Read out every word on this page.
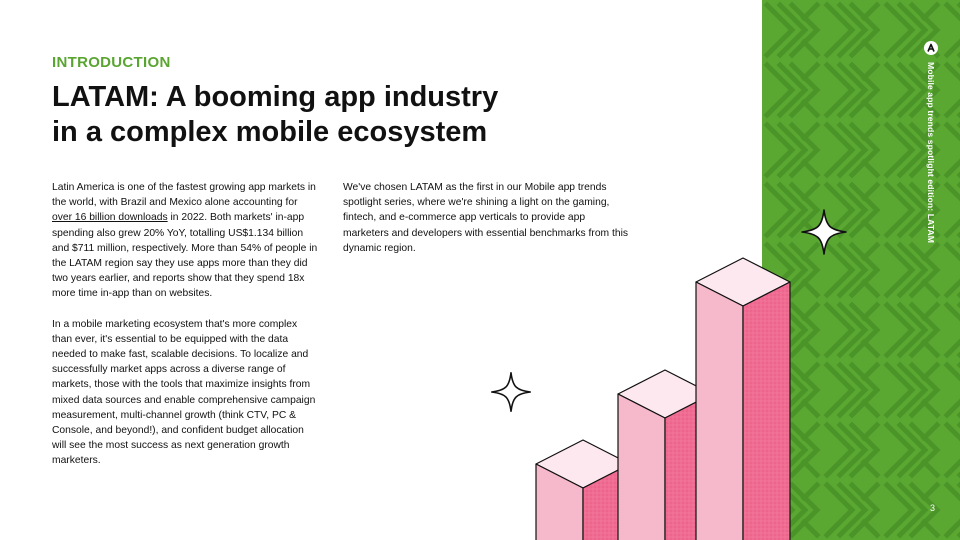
INTRODUCTION
LATAM: A booming app industry
in a complex mobile ecosystem

Latin America is one of the fastest growing app markets in the world, with Brazil and Mexico alone accounting for over 16 billion downloads in 2022. Both markets' in-app spending also grew 20% YoY, totalling US$1.134 billion and $711 million, respectively. More than 54% of people in the LATAM region say they use apps more than they did two years earlier, and reports show that they spend 18x more time in-app than on websites.

In a mobile marketing ecosystem that's more complex than ever, it's essential to be equipped with the data needed to make fast, scalable decisions. To localize and successfully market apps across a diverse range of markets, those with the tools that maximize insights from mixed data sources and enable comprehensive campaign measurement, multi-channel growth (think CTV, PC & Console, and beyond!), and confident budget allocation will see the most success as next generation growth marketers.

We've chosen LATAM as the first in our Mobile app trends spotlight series, where we're shining a light on the gaming, fintech, and e-commerce app verticals to provide app marketers and developers with essential benchmarks from this dynamic region.

Mobile app trends spotlight edition: LATAM
3
